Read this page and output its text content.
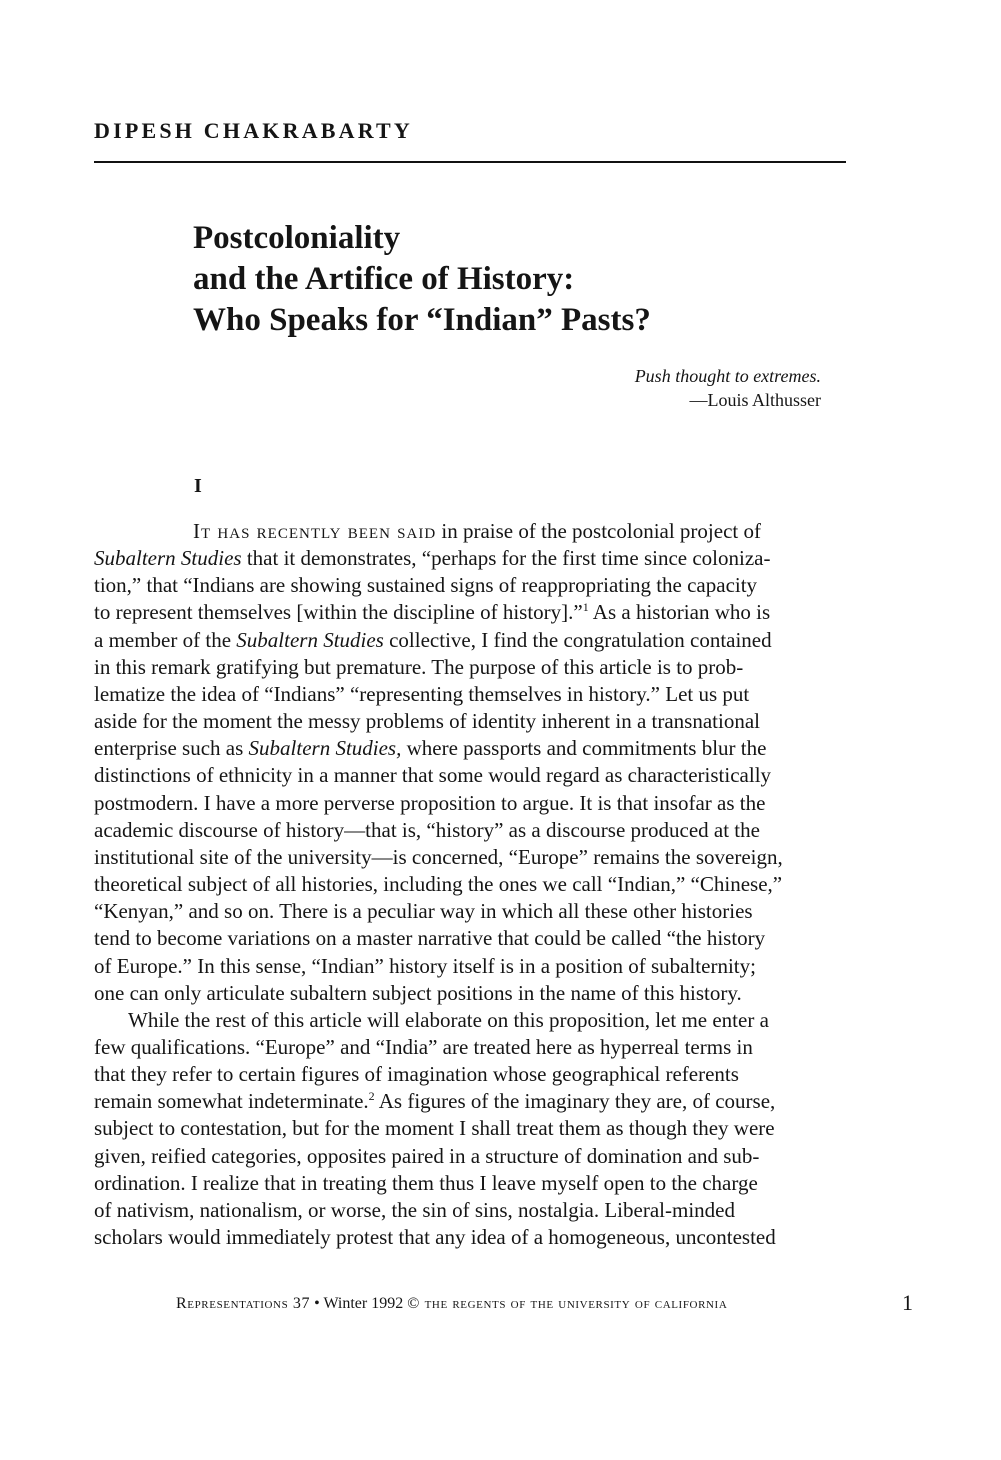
DIPESH CHAKRABARTY
Postcoloniality
and the Artifice of History:
Who Speaks for “Indian” Pasts?
Push thought to extremes.
—Louis Althusser
I
It has recently been said in praise of the postcolonial project of
Subaltern Studies that it demonstrates, “perhaps for the first time since coloniza-
tion,” that “Indians are showing sustained signs of reappropriating the capacity
to represent themselves [within the discipline of history].”$^1$ As a historian who is
a member of the Subaltern Studies collective, I find the congratulation contained
in this remark gratifying but premature. The purpose of this article is to prob-
lematize the idea of “Indians” “representing themselves in history.” Let us put
aside for the moment the messy problems of identity inherent in a transnational
enterprise such as Subaltern Studies, where passports and commitments blur the
distinctions of ethnicity in a manner that some would regard as characteristically
postmodern. I have a more perverse proposition to argue. It is that insofar as the
academic discourse of history—that is, “history” as a discourse produced at the
institutional site of the university—is concerned, “Europe” remains the sovereign,
theoretical subject of all histories, including the ones we call “Indian,” “Chinese,”
“Kenyan,” and so on. There is a peculiar way in which all these other histories
tend to become variations on a master narrative that could be called “the history
of Europe.” In this sense, “Indian” history itself is in a position of subalternity;
one can only articulate subaltern subject positions in the name of this history.
While the rest of this article will elaborate on this proposition, let me enter a
few qualifications. “Europe” and “India” are treated here as hyperreal terms in
that they refer to certain figures of imagination whose geographical referents
remain somewhat indeterminate.$^2$ As figures of the imaginary they are, of course,
subject to contestation, but for the moment I shall treat them as though they were
given, reified categories, opposites paired in a structure of domination and sub-
ordination. I realize that in treating them thus I leave myself open to the charge
of nativism, nationalism, or worse, the sin of sins, nostalgia. Liberal-minded
scholars would immediately protest that any idea of a homogeneous, uncontested
Representations 37 • Winter 1992 © the regents of the university of california	1
